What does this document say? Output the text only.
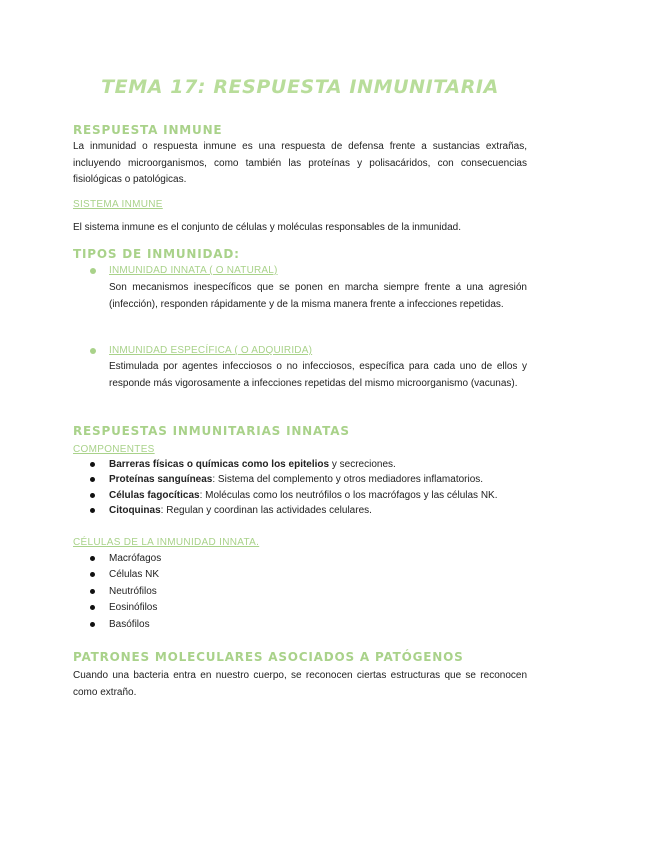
TEMA 17: RESPUESTA INMUNITARIA
RESPUESTA INMUNE
La inmunidad o respuesta inmune es una respuesta de defensa frente a sustancias extrañas, incluyendo microorganismos, como también las proteínas y polisacáridos, con consecuencias fisiológicas o patológicas.
SISTEMA INMUNE
El sistema inmune es el conjunto de células y moléculas responsables de la inmunidad.
TIPOS DE INMUNIDAD:
INMUNIDAD INNATA ( O NATURAL)
Son mecanismos inespecíficos que se ponen en marcha siempre frente a una agresión (infección), responden rápidamente y de la misma manera frente a infecciones repetidas.
INMUNIDAD ESPECÍFICA ( O ADQUIRIDA)
Estimulada por agentes infecciosos o no infecciosos, específica para cada uno de ellos y responde más vigorosamente a infecciones repetidas del mismo microorganismo (vacunas).
RESPUESTAS INMUNITARIAS INNATAS
COMPONENTES
Barreras físicas o químicas como los epitelios y secreciones.
Proteínas sanguíneas: Sistema del complemento y otros mediadores inflamatorios.
Células fagocíticas: Moléculas como los neutrófilos o los macrófagos y las células NK.
Citoquinas: Regulan y coordinan las actividades celulares.
CÉLULAS DE LA INMUNIDAD INNATA.
Macrófagos
Células NK
Neutrófilos
Eosinófilos
Basófilos
PATRONES MOLECULARES ASOCIADOS A PATÓGENOS
Cuando una bacteria entra en nuestro cuerpo, se reconocen ciertas estructuras que se reconocen como extraño.
